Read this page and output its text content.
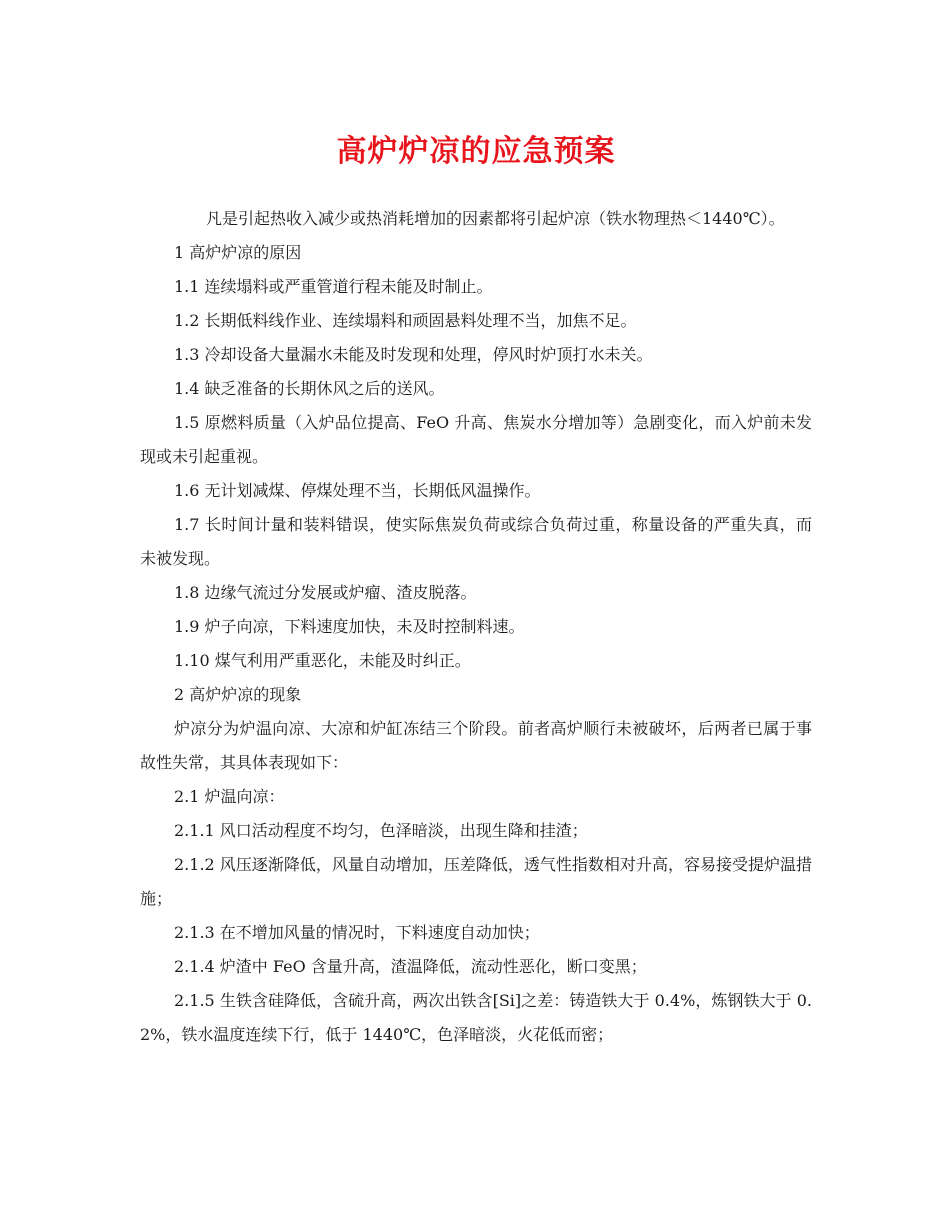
高炉炉凉的应急预案

凡是引起热收入减少或热消耗增加的因素都将引起炉凉（铁水物理热＜1440℃）。

1 高炉炉凉的原因

1.1 连续塌料或严重管道行程未能及时制止。

1.2 长期低料线作业、连续塌料和顽固悬料处理不当，加焦不足。

1.3 冷却设备大量漏水未能及时发现和处理，停风时炉顶打水未关。

1.4 缺乏准备的长期休风之后的送风。

1.5 原燃料质量（入炉品位提高、FeO 升高、焦炭水分增加等）急剧变化，而入炉前未发现或未引起重视。

1.6 无计划减煤、停煤处理不当，长期低风温操作。

1.7 长时间计量和装料错误，使实际焦炭负荷或综合负荷过重，称量设备的严重失真，而未被发现。

1.8 边缘气流过分发展或炉瘤、渣皮脱落。

1.9 炉子向凉，下料速度加快，未及时控制料速。

1.10 煤气利用严重恶化，未能及时纠正。

2 高炉炉凉的现象

炉凉分为炉温向凉、大凉和炉缸冻结三个阶段。前者高炉顺行未被破坏，后两者已属于事故性失常，其具体表现如下：

2.1 炉温向凉：

2.1.1 风口活动程度不均匀，色泽暗淡，出现生降和挂渣；

2.1.2 风压逐渐降低，风量自动增加，压差降低，透气性指数相对升高，容易接受提炉温措施；

2.1.3 在不增加风量的情况时，下料速度自动加快；

2.1.4 炉渣中 FeO 含量升高，渣温降低，流动性恶化，断口变黑；

2.1.5 生铁含硅降低，含硫升高，两次出铁含[Si]之差：铸造铁大于 0.4%，炼钢铁大于 0.2%，铁水温度连续下行，低于 1440℃，色泽暗淡，火花低而密；
